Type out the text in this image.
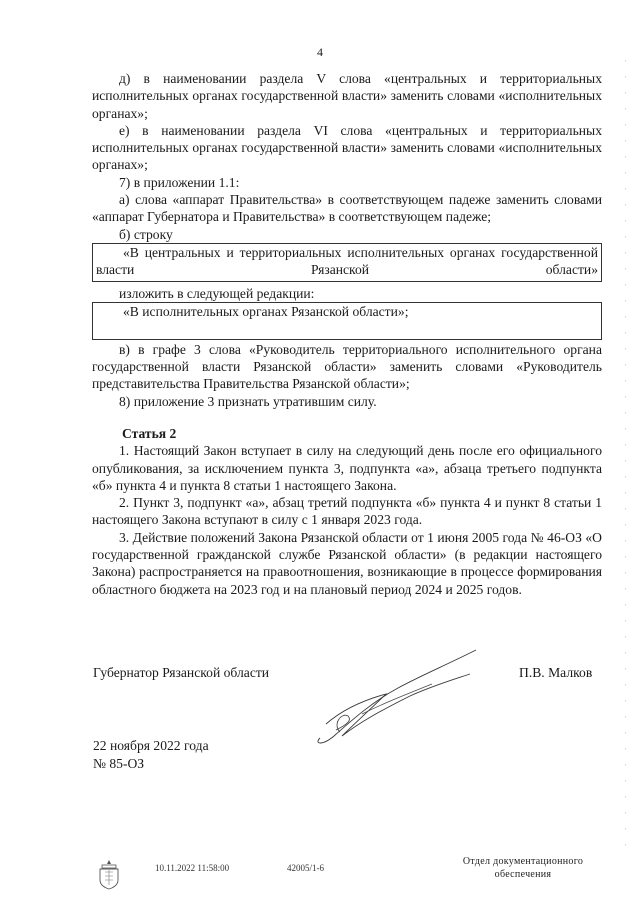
4

д) в наименовании раздела V слова «центральных и территориальных исполнительных органах государственной власти» заменить словами «исполнительных органах»;

е) в наименовании раздела VI слова «центральных и территориальных исполнительных органах государственной власти» заменить словами «исполнительных органах»;

7) в приложении 1.1:

а) слова «аппарат Правительства» в соответствующем падеже заменить словами «аппарат Губернатора и Правительства» в соответствующем падеже;

б) строку

«В центральных и территориальных исполнительных органах государственной власти Рязанской области»

изложить в следующей редакции:

«В исполнительных органах Рязанской области»;

в) в графе 3 слова «Руководитель территориального исполнительного органа государственной власти Рязанской области» заменить словами «Руководитель представительства Правительства Рязанской области»;

8) приложение 3 признать утратившим силу.

Статья 2

1. Настоящий Закон вступает в силу на следующий день после его официального опубликования, за исключением пункта 3, подпункта «а», абзаца третьего подпункта «б» пункта 4 и пункта 8 статьи 1 настоящего Закона.

2. Пункт 3, подпункт «а», абзац третий подпункта «б» пункта 4 и пункт 8 статьи 1 настоящего Закона вступают в силу с 1 января 2023 года.

3. Действие положений Закона Рязанской области от 1 июня 2005 года № 46-ОЗ «О государственной гражданской службе Рязанской области» (в редакции настоящего Закона) распространяется на правоотношения, возникающие в процессе формирования областного бюджета на 2023 год и на плановый период 2024 и 2025 годов.

Губернатор Рязанской области	П.В. Малков
22 ноября 2022 года
№ 85-ОЗ
10.11.2022 11:58:00	42005/1-6
Отдел документационного
обеспечения
